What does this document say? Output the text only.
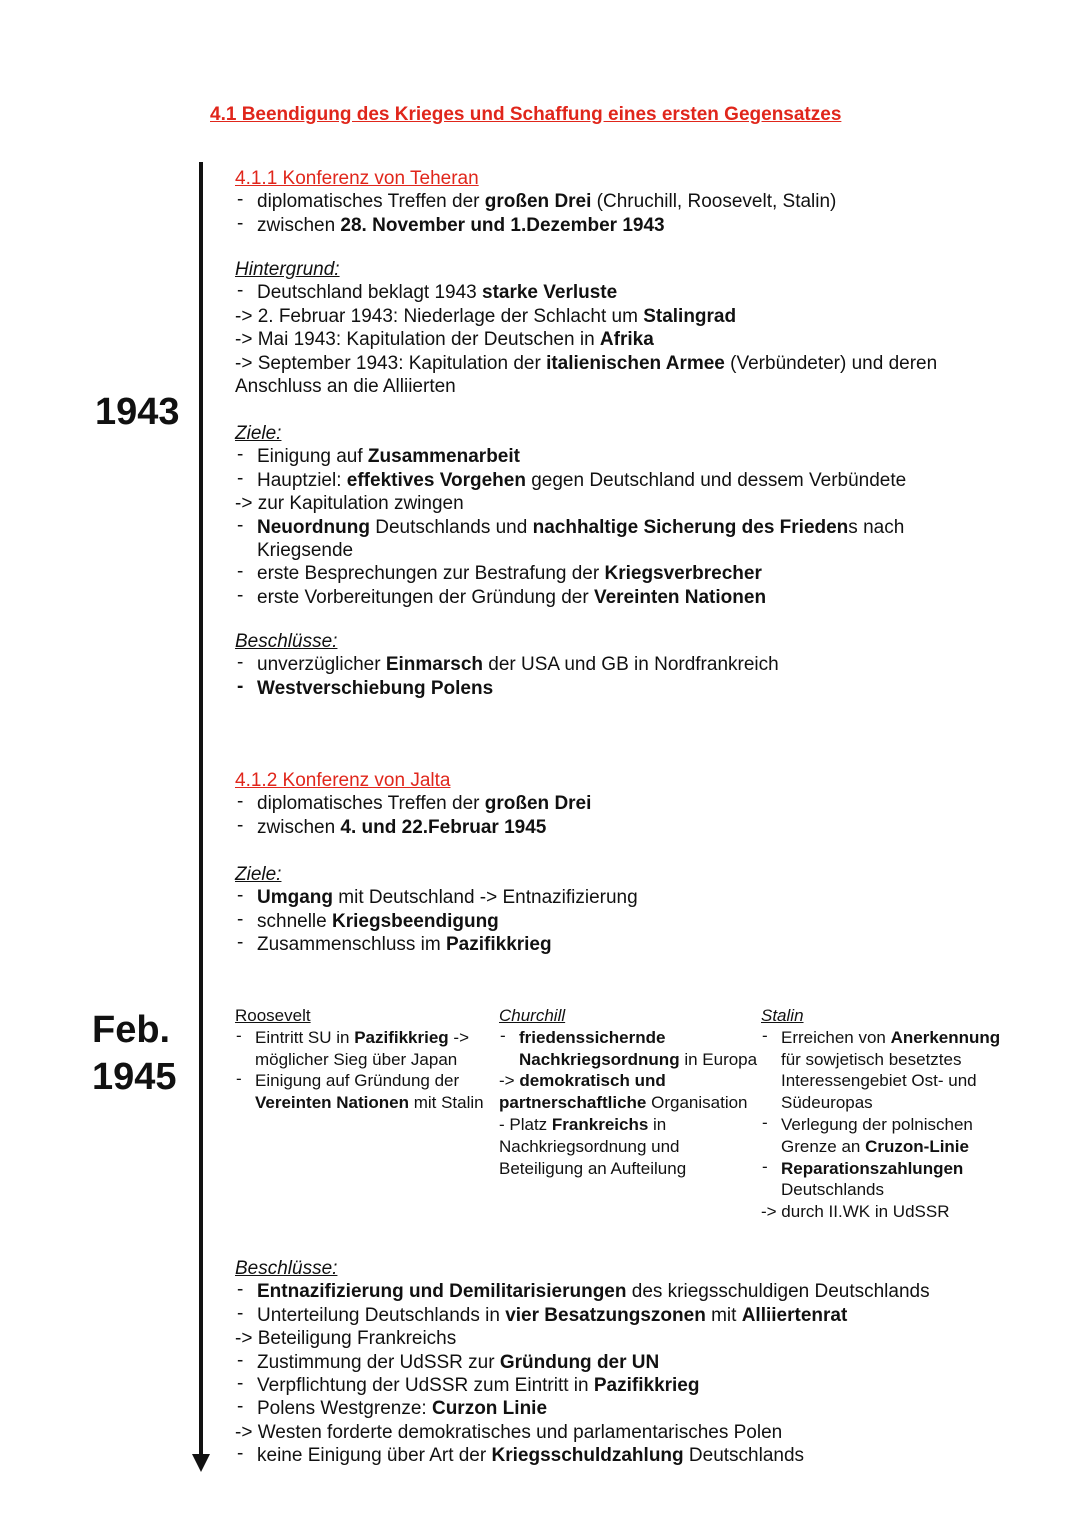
4.1 Beendigung des Krieges und Schaffung eines ersten Gegensatzes
1943
Feb.
1945
4.1.1 Konferenz von Teheran
- diplomatisches Treffen der großen Drei (Chruchill, Roosevelt, Stalin)
- zwischen 28. November und 1.Dezember 1943
Hintergrund:
- Deutschland beklagt 1943 starke Verluste
-> 2. Februar 1943: Niederlage der Schlacht um Stalingrad
-> Mai 1943: Kapitulation der Deutschen in Afrika
-> September 1943: Kapitulation der italienischen Armee (Verbündeter) und deren Anschluss an die Alliierten
Ziele:
- Einigung auf Zusammenarbeit
- Hauptziel: effektives Vorgehen gegen Deutschland und dessem Verbündete
-> zur Kapitulation zwingen
- Neuordnung Deutschlands und nachhaltige Sicherung des Friedens nach Kriegsende
- erste Besprechungen zur Bestrafung der Kriegsverbrecher
- erste Vorbereitungen der Gründung der Vereinten Nationen
Beschlüsse:
- unverzüglicher Einmarsch der USA und GB in Nordfrankreich
- Westverschiebung Polens
4.1.2 Konferenz von Jalta
- diplomatisches Treffen der großen Drei
- zwischen 4. und 22.Februar 1945
Ziele:
- Umgang mit Deutschland -> Entnazifizierung
- schnelle Kriegsbeendigung
- Zusammenschluss im Pazifikkrieg
Beschlüsse:
- Entnazifizierung und Demilitarisierungen des kriegsschuldigen Deutschlands
- Unterteilung Deutschlands in vier Besatzungszonen mit Alliiertenrat
-> Beteiligung Frankreichs
- Zustimmung der UdSSR zur Gründung der UN
- Verpflichtung der UdSSR zum Eintritt in Pazifikkrieg
- Polens Westgrenze: Curzon Linie
-> Westen forderte demokratisches und parlamentarisches Polen
- keine Einigung über Art der Kriegsschuldzahlung Deutschlands
Roosevelt
- Eintritt SU in Pazifikkrieg -> möglicher Sieg über Japan
- Einigung auf Gründung der Vereinten Nationen mit Stalin
Churchill
- friedenssichernde Nachkriegsordnung in Europa
-> demokratisch und partnerschaftliche Organisation
- Platz Frankreichs in Nachkriegsordnung und Beteiligung an Aufteilung
Stalin
- Erreichen von Anerkennung für sowjetisch besetztes Interessengebiet Ost- und Südeuropas
- Verlegung der polnischen Grenze an Cruzon-Linie
- Reparationszahlungen Deutschlands
-> durch II.WK in UdSSR
